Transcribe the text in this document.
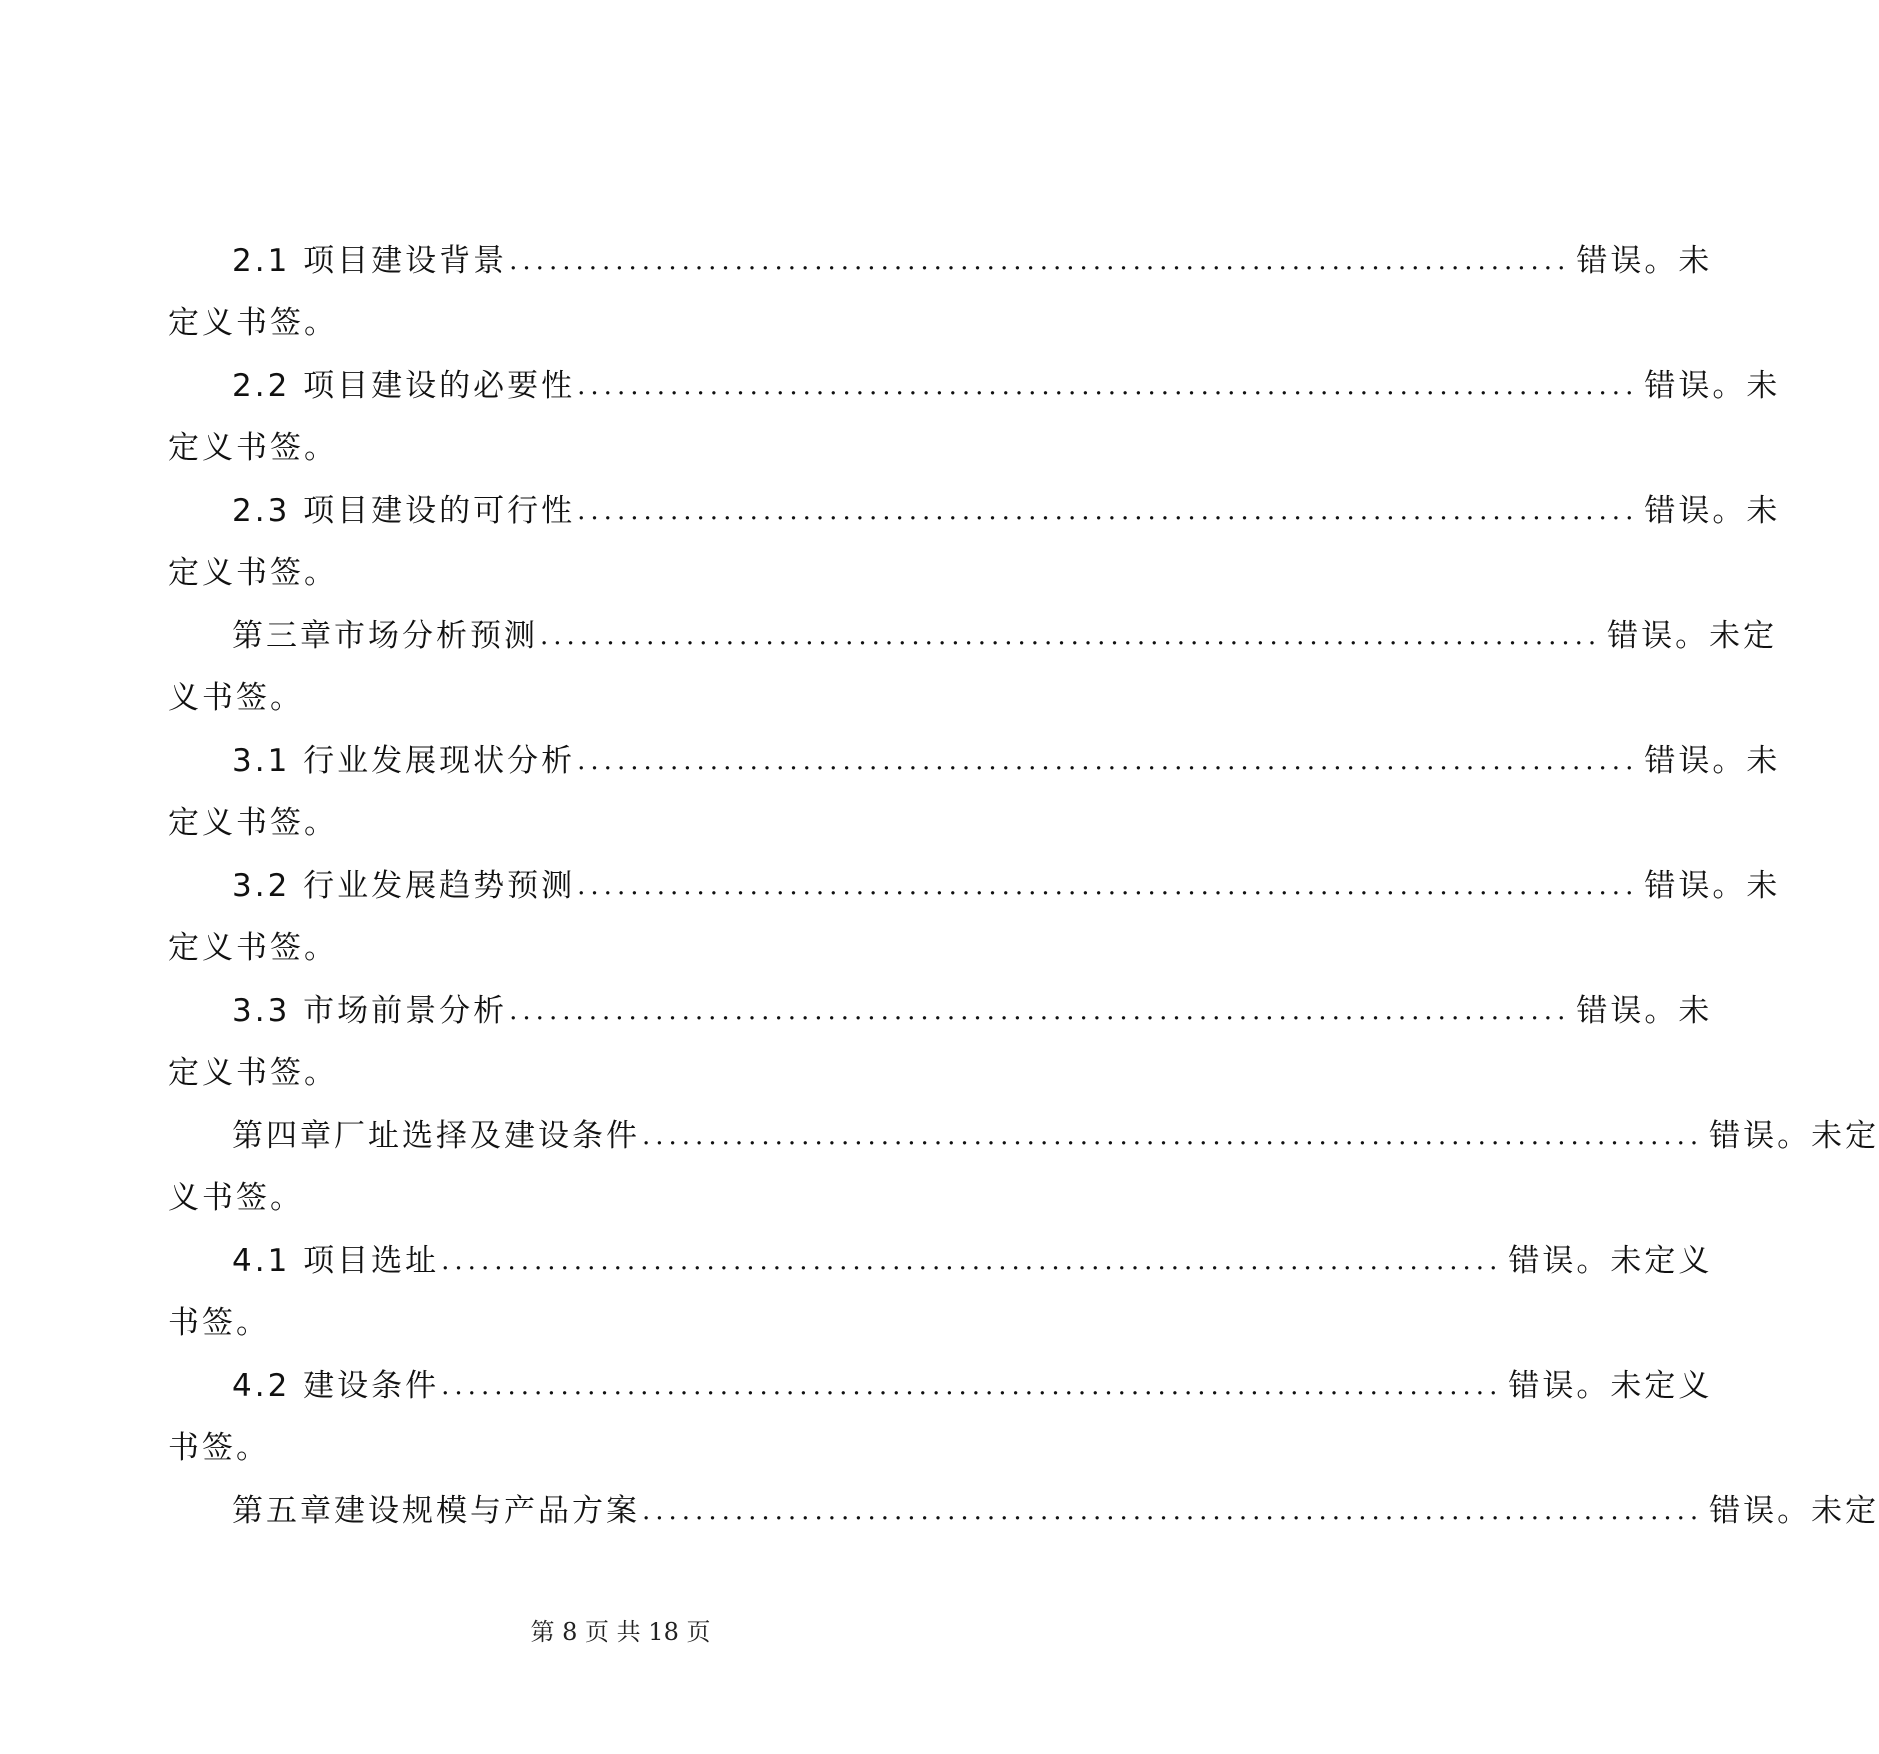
2.1 项目建设背景 ................................................................................ 错误。未
定义书签。
2.2 项目建设的必要性 ................................................................................ 错误。未
定义书签。
2.3 项目建设的可行性 ................................................................................ 错误。未
定义书签。
第三章市场分析预测 ................................................................................ 错误。未定
义书签。
3.1 行业发展现状分析 ................................................................................ 错误。未
定义书签。
3.2 行业发展趋势预测 ................................................................................ 错误。未
定义书签。
3.3 市场前景分析 ................................................................................ 错误。未
定义书签。
第四章厂址选择及建设条件 ................................................................................ 错误。未定
义书签。
4.1 项目选址 ................................................................................ 错误。未定义
书签。
4.2 建设条件 ................................................................................ 错误。未定义
书签。
第五章建设规模与产品方案 ................................................................................ 错误。未定
第 8 页 共 18 页
